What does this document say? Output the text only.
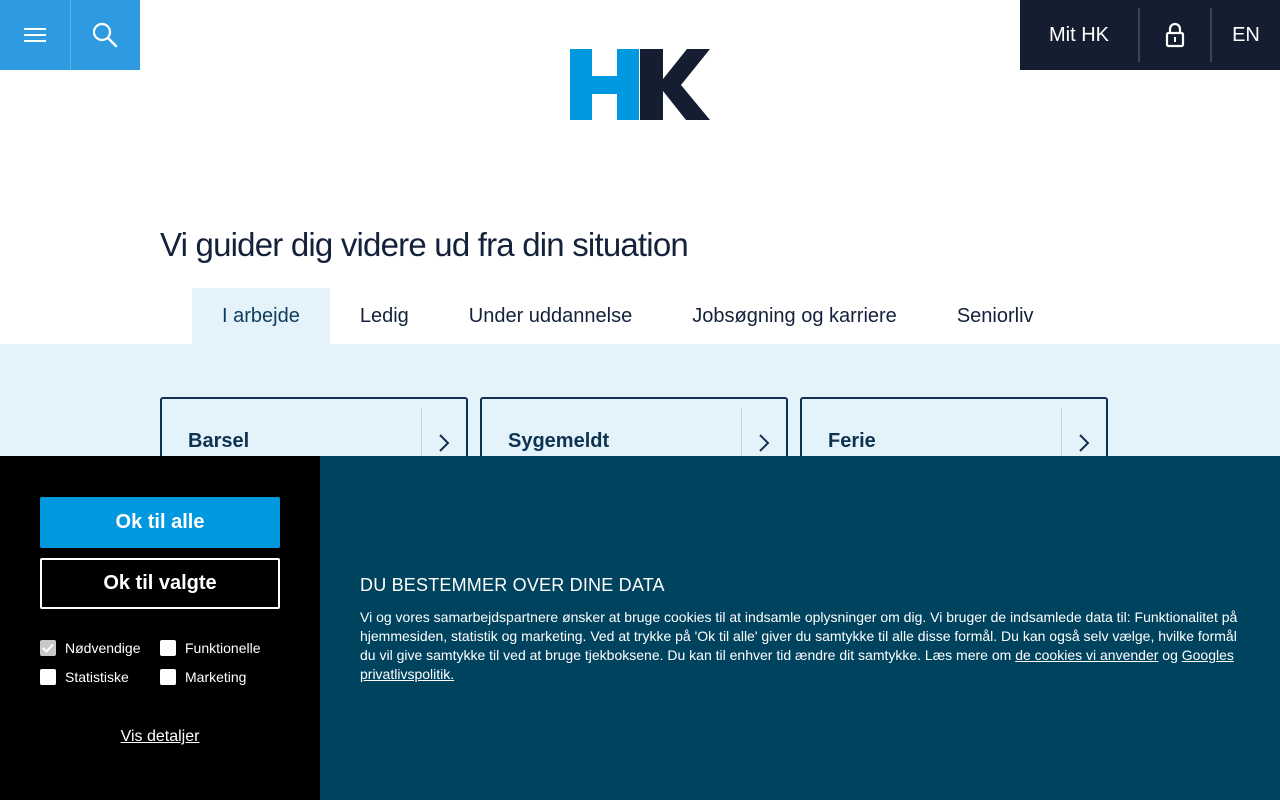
Mit HK	EN
Vi guider dig videre ud fra din situation
I arbejde	Ledig	Under uddannelse	Jobsøgning og karriere	Seniorliv
Barsel	Sygemeldt	Ferie
Ok til alle
Ok til valgte
Nødvendige	Funktionelle
Statistiske	Marketing
Vis detaljer
DU BESTEMMER OVER DINE DATA

Vi og vores samarbejdspartnere ønsker at bruge cookies til at indsamle oplysninger om dig. Vi bruger de indsamlede data til: Funktionalitet på hjemmesiden, statistik og marketing. Ved at trykke på 'Ok til alle' giver du samtykke til alle disse formål. Du kan også selv vælge, hvilke formål du vil give samtykke til ved at bruge tjekboksene. Du kan til enhver tid ændre dit samtykke. Læs mere om de cookies vi anvender og Googles privatlivspolitik.
